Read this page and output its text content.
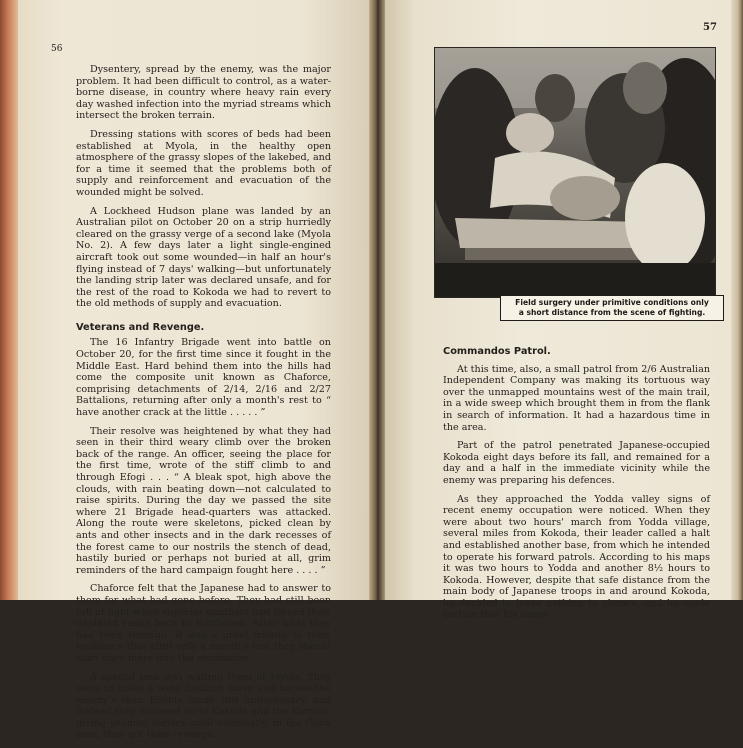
56

Dysentery, spread by the enemy, was the major problem. It had been difficult to control, as a water-borne disease, in country where heavy rain every day washed infection into the myriad streams which intersect the broken terrain.

Dressing stations with scores of beds had been established at Myola, in the healthy open atmosphere of the grassy slopes of the lakebed, and for a time it seemed that the problems both of supply and reinforcement and evacuation of the wounded might be solved.

A Lockheed Hudson plane was landed by an Australian pilot on October 20 on a strip hurriedly cleared on the grassy verge of a second lake (Myola No. 2). A few days later a light single-engined aircraft took out some wounded—in half an hour's flying instead of 7 days' walking—but unfortunately the landing strip later was declared unsafe, and for the rest of the road to Kokoda we had to revert to the old methods of supply and evacuation.

Veterans and Revenge.

The 16 Infantry Brigade went into battle on October 20, for the first time since it fought in the Middle East. Hard behind them into the hills had come the composite unit known as Chaforce, comprising detachments of 2/14, 2/16 and 2/27 Battalions, returning after only a month's rest to “ have another crack at the little . . . . . ”

Their resolve was heightened by what they had seen in their third weary climb over the broken back of the range. An officer, seeing the place for the first time, wrote of the stiff climb to and through Efogi . . . “ A bleak spot, high above the clouds, with rain beating down—not calculated to raise spirits. During the day we passed the site where 21 Brigade head-quarters was attacked. Along the route were skeletons, picked clean by ants and other insects and in the dark recesses of the forest came to our nostrils the stench of dead, hastily buried or perhaps not buried at all, grim reminders of the hard campaign fought here . . . . ”

Chaforce felt that the Japanese had to answer to them for what had gone before. They had still been full of fight when superior numbers had forced their depleted ranks back to Eoribaiwa. After what they had been through, it was a great tribute to their resilience that after only a month's rest they should start once more into the mountains.

A special task was waiting them at Myola. They were to make a wide flanking move and harass the enemy's rear. Events made this unnecessary, and instead they followed on to Kokoda and the Kumusi, giving yeoman service until eventually, in the Gona area, they got their revenge.

57
Field surgery under primitive conditions only
a short distance from the scene of fighting.
Commandos Patrol.

At this time, also, a small patrol from 2/6 Australian Independent Company was making its tortuous way over the unmapped mountains west of the main trail, in a wide sweep which brought them in from the flank in search of information. It had a hazardous time in the area.

Part of the patrol penetrated Japanese-occupied Kokoda eight days before its fall, and remained for a day and a half in the immediate vicinity while the enemy was preparing his defences.

As they approached the Yodda valley signs of recent enemy occupation were noticed. When they were about two hours' march from Yodda village, several miles from Kokoda, their leader called a halt and established another base, from which he intended to operate his forward patrols. According to his maps it was two hours to Yodda and another 8½ hours to Kokoda. However, despite that safe distance from the main body of Japanese troops in and around Kokoda, he decided to leave nothing to chance, and he made certain that his camp
